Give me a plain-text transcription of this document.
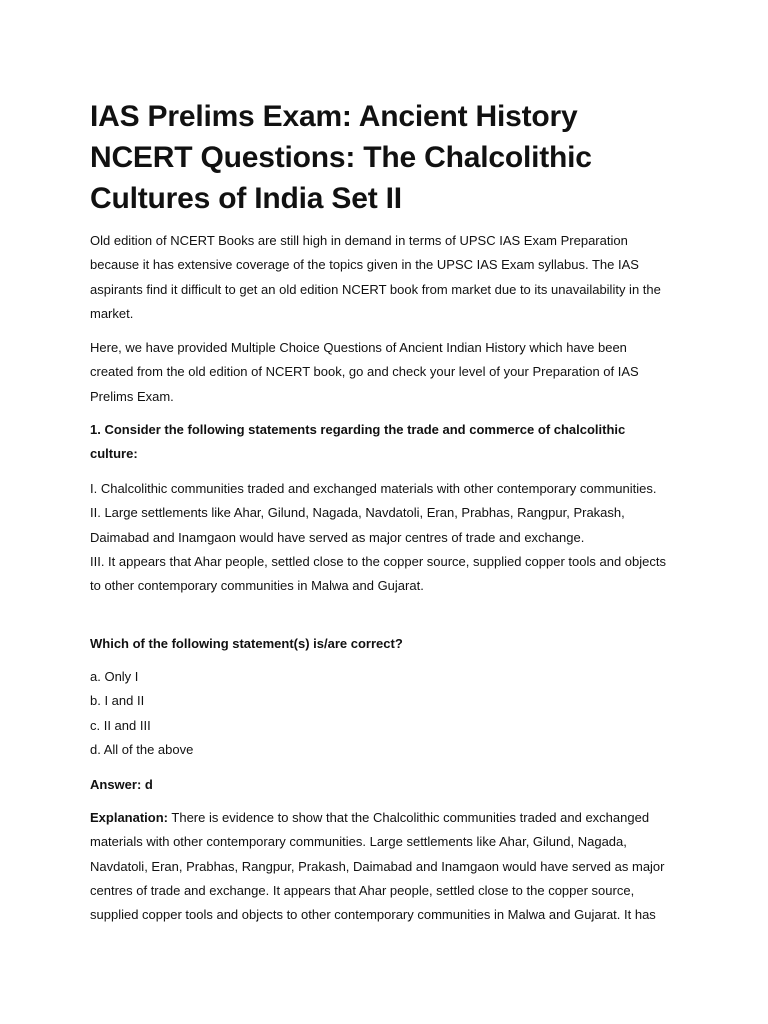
IAS Prelims Exam: Ancient History
NCERT Questions: The Chalcolithic
Cultures of India Set II
Old edition of NCERT Books are still high in demand in terms of UPSC IAS Exam Preparation
because it has extensive coverage of the topics given in the UPSC IAS Exam syllabus. The IAS
aspirants find it difficult to get an old edition NCERT book from market due to its unavailability in the
market.
Here, we have provided Multiple Choice Questions of Ancient Indian History which have been
created from the old edition of NCERT book, go and check your level of your Preparation of IAS
Prelims Exam.
1. Consider the following statements regarding the trade and commerce of chalcolithic
culture:
I. Chalcolithic communities traded and exchanged materials with other contemporary communities.
II. Large settlements like Ahar, Gilund, Nagada, Navdatoli, Eran, Prabhas, Rangpur, Prakash,
Daimabad and Inamgaon would have served as major centres of trade and exchange.
III. It appears that Ahar people, settled close to the copper source, supplied copper tools and objects
to other contemporary communities in Malwa and Gujarat.
Which of the following statement(s) is/are correct?
a. Only I
b. I and II
c. II and III
d. All of the above
Answer: d
Explanation: There is evidence to show that the Chalcolithic communities traded and exchanged
materials with other contemporary communities. Large settlements like Ahar, Gilund, Nagada,
Navdatoli, Eran, Prabhas, Rangpur, Prakash, Daimabad and Inamgaon would have served as major
centres of trade and exchange. It appears that Ahar people, settled close to the copper source,
supplied copper tools and objects to other contemporary communities in Malwa and Gujarat. It has
